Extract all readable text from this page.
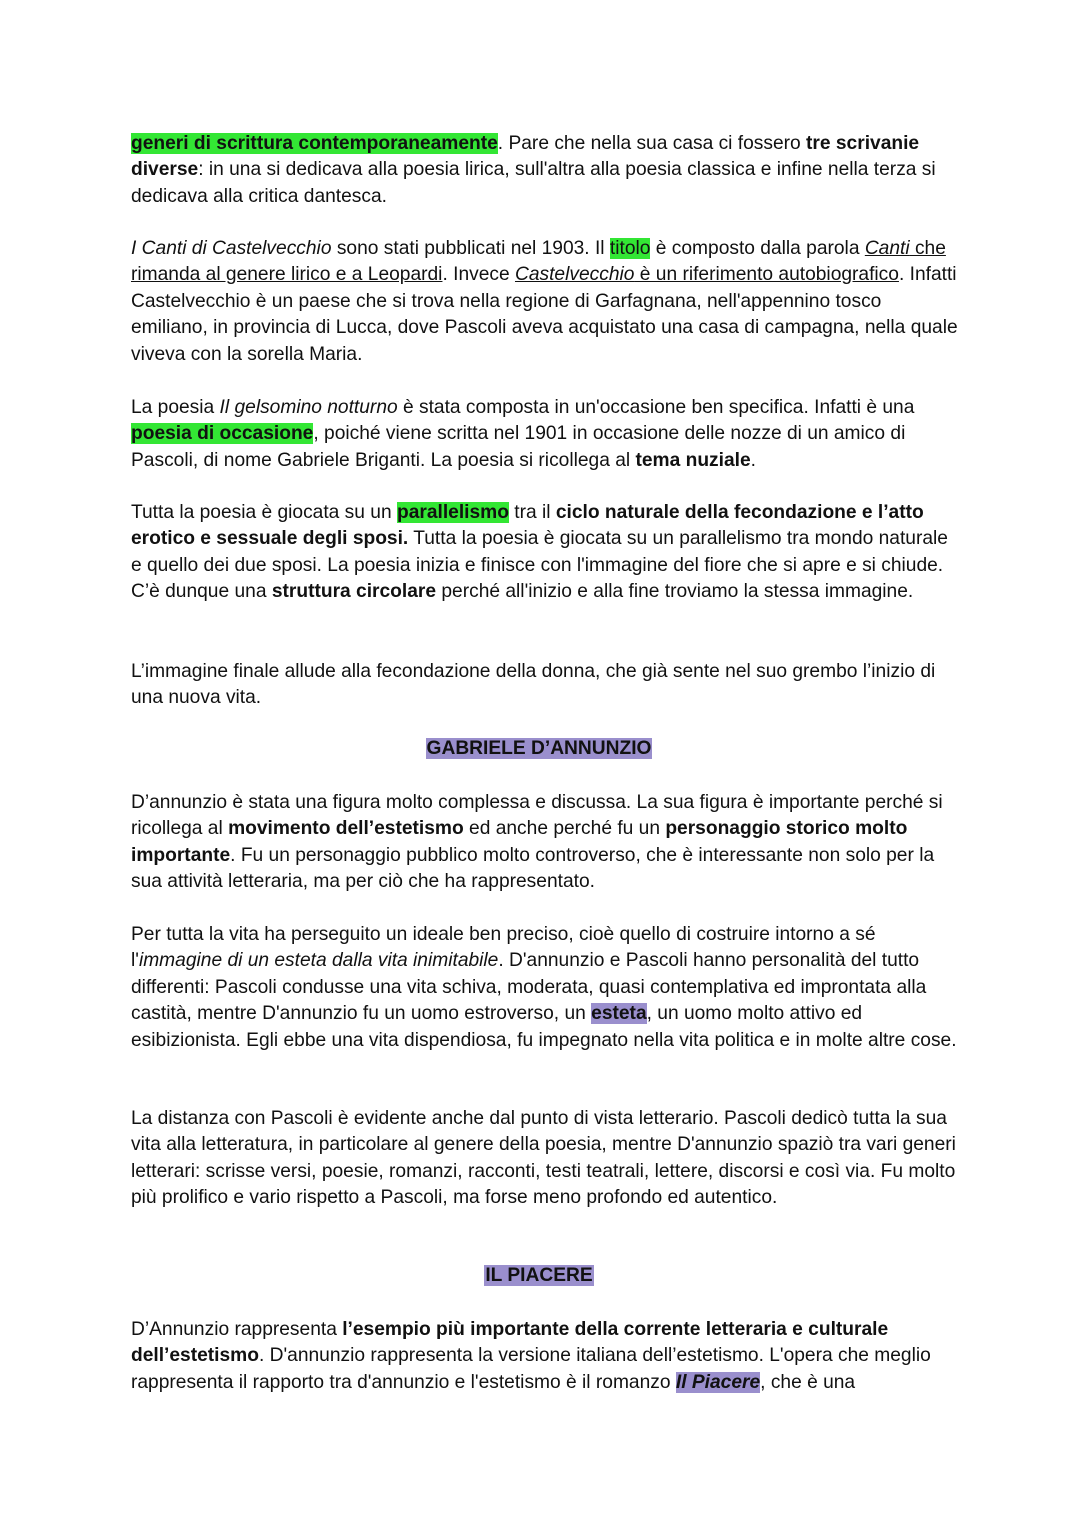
generi di scrittura contemporaneamente. Pare che nella sua casa ci fossero tre scrivanie diverse: in una si dedicava alla poesia lirica, sull'altra alla poesia classica e infine nella terza si dedicava alla critica dantesca.

I Canti di Castelvecchio sono stati pubblicati nel 1903. Il titolo è composto dalla parola Canti che rimanda al genere lirico e a Leopardi. Invece Castelvecchio è un riferimento autobiografico. Infatti Castelvecchio è un paese che si trova nella regione di Garfagnana, nell'appennino tosco emiliano, in provincia di Lucca, dove Pascoli aveva acquistato una casa di campagna, nella quale viveva con la sorella Maria.

La poesia Il gelsomino notturno è stata composta in un'occasione ben specifica. Infatti è una poesia di occasione, poiché viene scritta nel 1901 in occasione delle nozze di un amico di Pascoli, di nome Gabriele Briganti. La poesia si ricollega al tema nuziale.

Tutta la poesia è giocata su un parallelismo tra il ciclo naturale della fecondazione e l’atto erotico e sessuale degli sposi. Tutta la poesia è giocata su un parallelismo tra mondo naturale e quello dei due sposi. La poesia inizia e finisce con l'immagine del fiore che si apre e si chiude. C’è dunque una struttura circolare perché all'inizio e alla fine troviamo la stessa immagine.

L’immagine finale allude alla fecondazione della donna, che già sente nel suo grembo l’inizio di una nuova vita.

GABRIELE D’ANNUNZIO

D’annunzio è stata una figura molto complessa e discussa. La sua figura è importante perché si ricollega al movimento dell’estetismo ed anche perché fu un personaggio storico molto importante. Fu un personaggio pubblico molto controverso, che è interessante non solo per la sua attività letteraria, ma per ciò che ha rappresentato.

Per tutta la vita ha perseguito un ideale ben preciso, cioè quello di costruire intorno a sé l'immagine di un esteta dalla vita inimitabile. D'annunzio e Pascoli hanno personalità del tutto differenti: Pascoli condusse una vita schiva, moderata, quasi contemplativa ed improntata alla castità, mentre D'annunzio fu un uomo estroverso, un esteta, un uomo molto attivo ed esibizionista. Egli ebbe una vita dispendiosa, fu impegnato nella vita politica e in molte altre cose.

La distanza con Pascoli è evidente anche dal punto di vista letterario. Pascoli dedicò tutta la sua vita alla letteratura, in particolare al genere della poesia, mentre D'annunzio spaziò tra vari generi letterari: scrisse versi, poesie, romanzi, racconti, testi teatrali, lettere, discorsi e così via. Fu molto più prolifico e vario rispetto a Pascoli, ma forse meno profondo ed autentico.

IL PIACERE

D’Annunzio rappresenta l’esempio più importante della corrente letteraria e culturale dell’estetismo. D'annunzio rappresenta la versione italiana dell’estetismo. L'opera che meglio rappresenta il rapporto tra d'annunzio e l'estetismo è il romanzo Il Piacere, che è una
